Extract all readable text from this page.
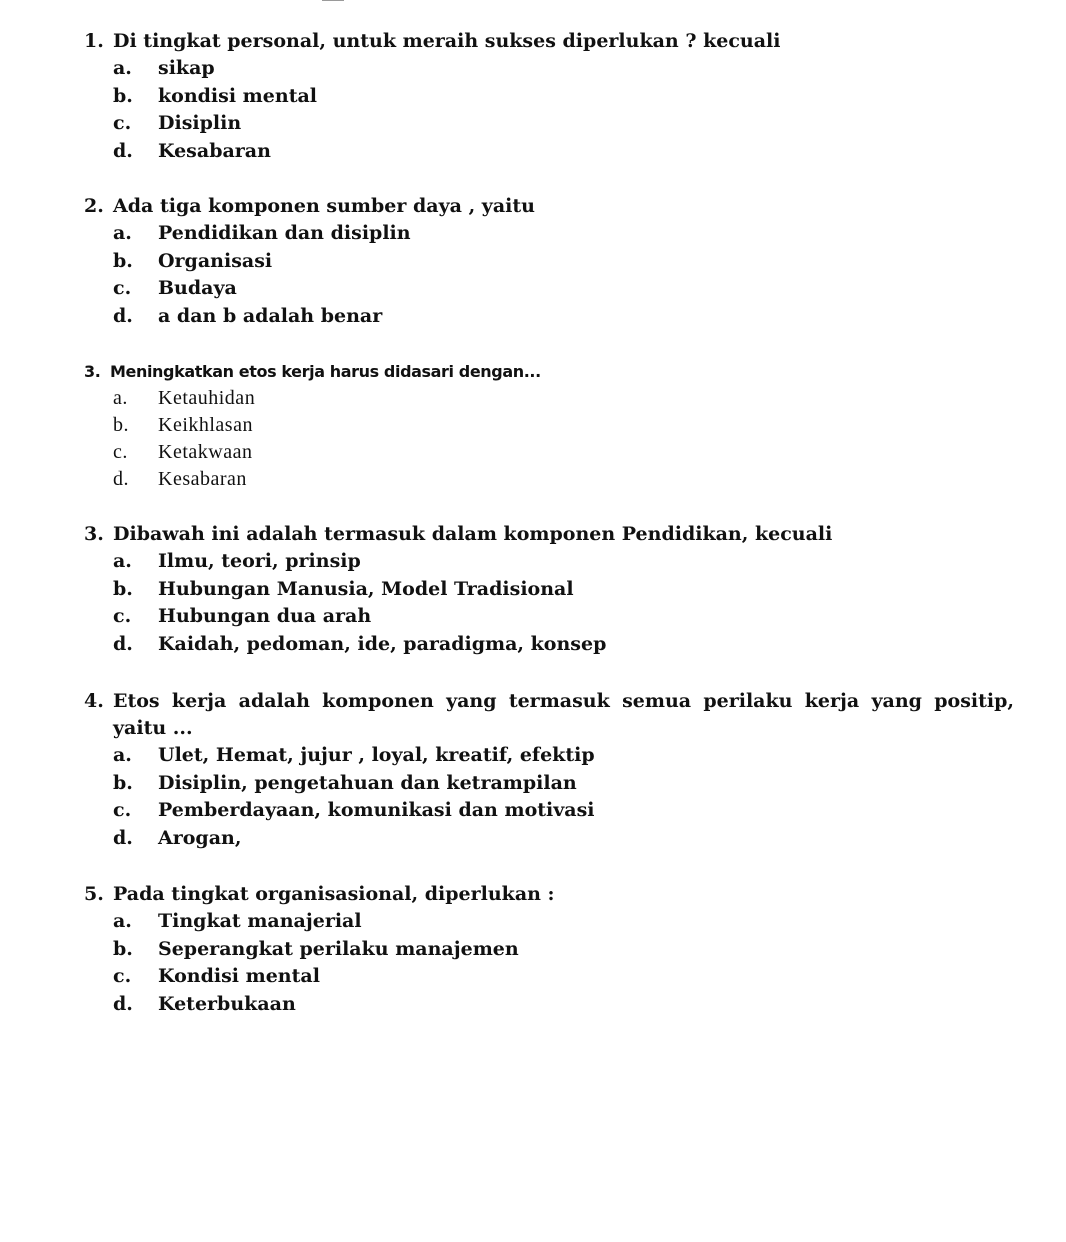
1. Di tingkat personal, untuk meraih sukses diperlukan ? kecuali
a.	sikap
b.	kondisi mental
c.	Disiplin
d.	Kesabaran
2. Ada tiga komponen sumber daya , yaitu
a.	Pendidikan dan disiplin
b.	Organisasi
c.	Budaya
d.	a dan b adalah benar
3. Meningkatkan etos kerja harus didasari dengan...
a.	Ketauhidan
b.	Keikhlasan
c.	Ketakwaan
d.	Kesabaran
3. Dibawah ini adalah termasuk dalam komponen Pendidikan, kecuali
a.	Ilmu, teori, prinsip
b.	Hubungan Manusia, Model Tradisional
c.	Hubungan dua arah
d.	Kaidah, pedoman, ide, paradigma, konsep
4. Etos kerja adalah komponen yang termasuk semua perilaku kerja yang positip,
yaitu ...
a.	Ulet, Hemat, jujur , loyal, kreatif, efektip
b.	Disiplin, pengetahuan dan ketrampilan
c.	Pemberdayaan, komunikasi dan motivasi
d.	Arogan,
5. Pada tingkat organisasional, diperlukan :
a.	Tingkat manajerial
b.	Seperangkat perilaku manajemen
c.	Kondisi mental
d.	Keterbukaan
